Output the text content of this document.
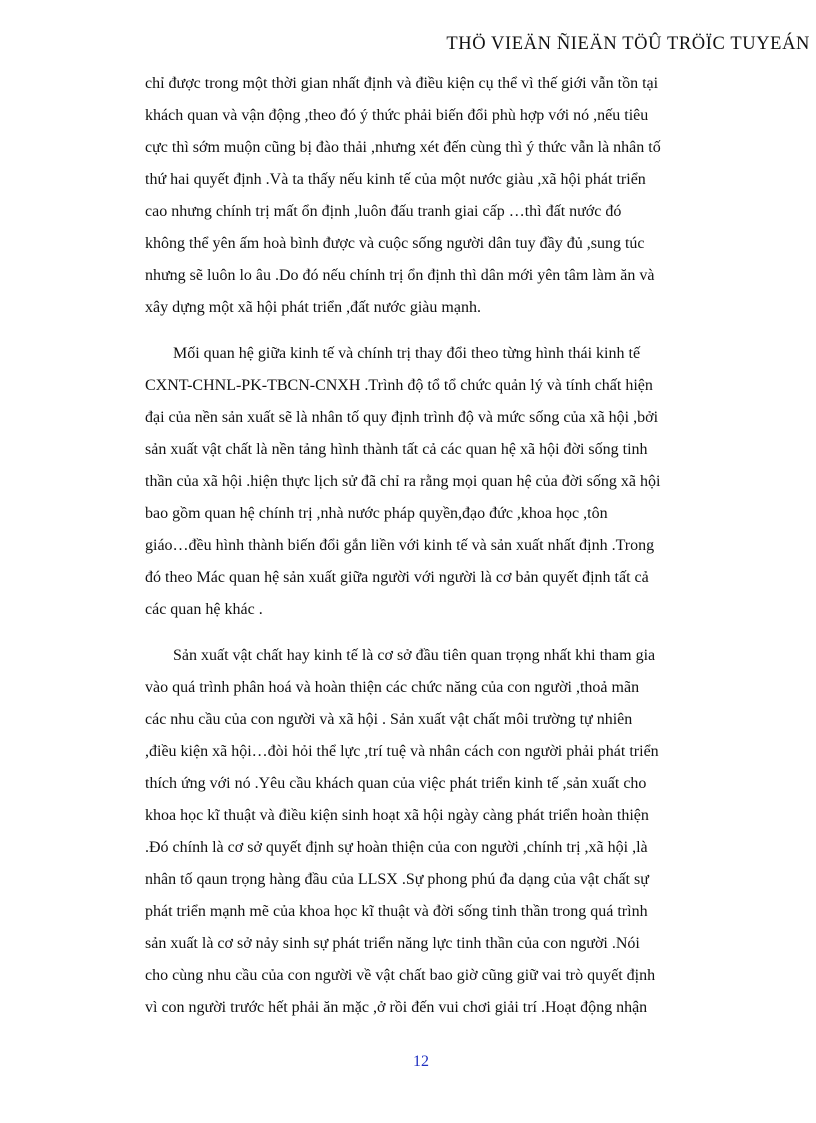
THÖ VIEÄN ÑIEÄN TÖÛ TRÖÏC TUYEÁN
chỉ được trong một thời gian nhất định và điều kiện cụ thể vì thế giới vẫn tồn tại
khách quan và vận động ,theo đó ý thức phải biến đổi phù hợp với nó ,nếu tiêu
cực thì sớm muộn cũng bị đào thải ,nhưng xét đến cùng thì ý thức vẫn là nhân tố
thứ hai quyết định .Và ta thấy nếu kinh tế của một nước giàu ,xã hội phát triển
cao nhưng chính trị mất ổn định ,luôn đấu tranh giai cấp …thì đất nước đó
không thể yên ấm hoà bình được và cuộc sống người dân tuy đầy đủ ,sung túc
nhưng sẽ luôn lo âu .Do đó nếu chính trị ổn định thì dân mới yên tâm làm ăn và
xây dựng một xã hội phát triển ,đất nước giàu mạnh.
Mối quan hệ giữa kinh tế và chính trị thay đổi theo từng hình thái kinh tế
CXNT-CHNL-PK-TBCN-CNXH .Trình độ tổ tổ chức quản lý và tính chất hiện
đại của nền sản xuất sẽ là nhân tố quy định trình độ và mức sống của xã hội ,bởi
sản xuất vật chất là nền tảng hình thành tất cả các quan hệ xã hội đời sống tinh
thần của xã hội .hiện thực lịch sử đã chỉ ra rằng mọi quan hệ của đời sống xã hội
bao gồm quan hệ chính trị ,nhà nước pháp quyền,đạo đức ,khoa học ,tôn
giáo…đều hình thành biến đổi gắn liền với kinh tế và sản xuất nhất định .Trong
đó theo Mác quan hệ sản xuất giữa người với người là cơ bản quyết định tất cả
các quan hệ khác .
Sản xuất vật chất hay kinh tế là cơ sở đầu tiên quan trọng nhất khi tham gia
vào quá trình phân hoá và hoàn thiện các chức năng của con người ,thoả mãn
các nhu cầu của con người và xã hội . Sản xuất vật chất môi trường tự nhiên
,điều kiện xã hội…đòi hỏi thể lực ,trí tuệ và nhân cách con người phải phát triển
thích ứng với nó .Yêu cầu khách quan của việc phát triển kinh tế ,sản xuất cho
khoa học kĩ thuật và điều kiện sinh hoạt xã hội ngày càng phát triển hoàn thiện
.Đó chính là cơ sở quyết định sự hoàn thiện của con người ,chính trị ,xã hội ,là
nhân tố qaun trọng hàng đầu của LLSX .Sự phong phú đa dạng của vật chất sự
phát triển mạnh mẽ của khoa học kĩ thuật và đời sống tinh thần trong quá trình
sản xuất là cơ sở nảy sinh sự phát triển năng lực tinh thần của con người .Nói
cho cùng nhu cầu của con người về vật chất bao giờ cũng giữ vai trò quyết định
vì con người trước hết phải ăn mặc ,ở rồi đến vui chơi giải trí .Hoạt động nhận
12
